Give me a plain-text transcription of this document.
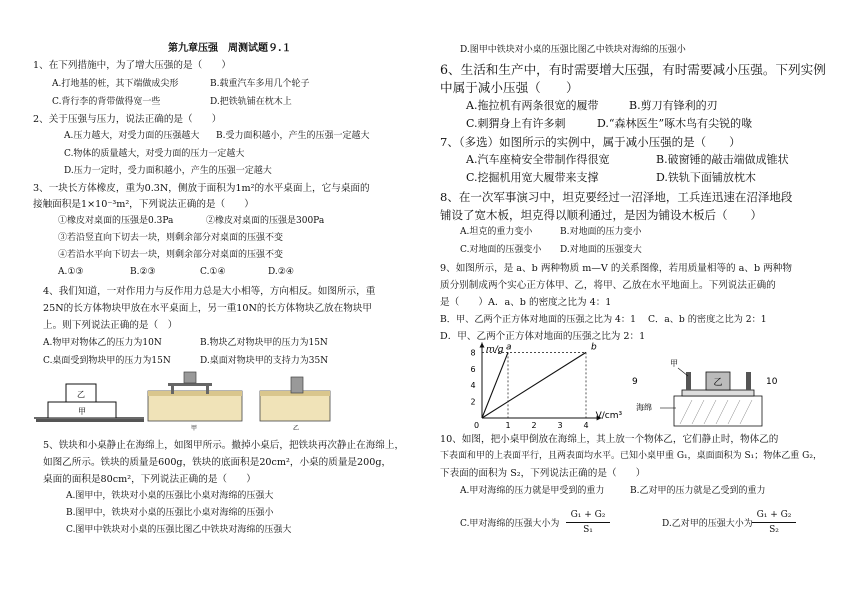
第九章压强　周测试题９.１
1、在下列措施中，为了增大压强的是（　　）
A.打地基的桩，其下端做成尖形	B.载重汽车多用几个轮子
C.背行李的背带做得宽一些	D.把铁轨铺在枕木上
2、关于压强与压力，说法正确的是（　　）
A.压力越大，对受力面的压强越大 B.受力面积越小，产生的压强一定越大
C.物体的质量越大，对受力面的压力一定越大
D.压力一定时，受力面积越小，产生的压强一定越大
3、一块长方体橡皮，重为0.3N，侧放于面积为1m²的水平桌面上，它与桌面的
接触面积是1×10⁻³m²，下列说法正确的是（　　）
①橡皮对桌面的压强是0.3Pa	②橡皮对桌面的压强是300Pa
③若沿竖直向下切去一块，则剩余部分对桌面的压强不变
④若沿水平向下切去一块，则剩余部分对桌面的压强不变
A.①③	B.②③	C.①④	D.②④
4、我们知道，一对作用力与反作用力总是大小相等，方向相反。如图所示，重
25N的长方体物块甲放在水平桌面上，另一重10N的长方体物块乙放在物块甲
上。则下列说法正确的是（　）
A.物甲对物体乙的压力为10N	B.物块乙对物块甲的压力为15N
C.桌面受到物块甲的压力为15N	D.桌面对物块甲的支持力为35N
乙
甲
甲	乙
5、铁块和小桌静止在海绵上，如图甲所示。撤掉小桌后，把铁块再次静止在海绵上，
如图乙所示。铁块的质量是600g，铁块的底面积是20cm²，小桌的质量是200g，
桌面的面积是80cm²，下列说法正确的是（　　）
A.图甲中，铁块对小桌的压强比小桌对海绵的压强大
B.图甲中，铁块对小桌的压强比小桌对海绵的压强小
C.图甲中铁块对小桌的压强比图乙中铁块对海绵的压强大
D.图甲中铁块对小桌的压强比图乙中铁块对海绵的压强小
6、生活和生产中，有时需要增大压强，有时需要减小压强。下列实例
中属于减小压强（　　）
A.拖拉机有两条很宽的履带	B.剪刀有锋利的刃
C.刺猬身上有许多刺	D.“森林医生”啄木鸟有尖锐的喙
7、（多选）如图所示的实例中，属于减小压强的是（　　）
A.汽车座椅安全带制作得很宽	B.破窗锤的敲击端做成锥状
C.挖掘机用宽大履带来支撑	D.铁轨下面铺放枕木
8、在一次军事演习中，坦克要经过一沼泽地，工兵连迅速在沼泽地段
铺设了宽木板，坦克得以顺利通过，是因为铺设木板后（　　）
A.坦克的重力变小	B.对地面的压力变小
C.对地面的压强变小 D.对地面的压强变大
9、如图所示，是 a、b 两种物质 m—V 的关系图像，若用质量相等的 a、b 两种物
质分别制成两个实心正方体甲、乙，将甲、乙放在水平地面上。下列说法正确的
是（　　）A．a、b 的密度之比为 4：1
B．甲、乙两个正方体对地面的压强之比为 4：1　 C．a、b 的密度之比为 2：1
D．甲、乙两个正方体对地面的压强之比为 2：1
a	b
2
4
6
8
1	2	3	4
m/g
V/cm³
0
9	10
乙
甲
海绵
10、如图，把小桌甲倒放在海绵上，其上放一个物体乙，它们静止时，物体乙的
下表面和甲的上表面平行，且两表面均水平。已知小桌甲重 G₁，桌面面积为 S₁；物体乙重 G₂，
下表面的面积为 S₂，下列说法正确的是（　　）
A.甲对海绵的压力就是甲受到的重力	B.乙对甲的压力就是乙受到的重力
C.甲对海绵的压强大小为 $\frac{\text{G₁ + G₂}}{\text{S₁}}$	D.乙对甲的压强大小为 $\frac{\text{G₁ + G₂}}{\text{S₂}}$
